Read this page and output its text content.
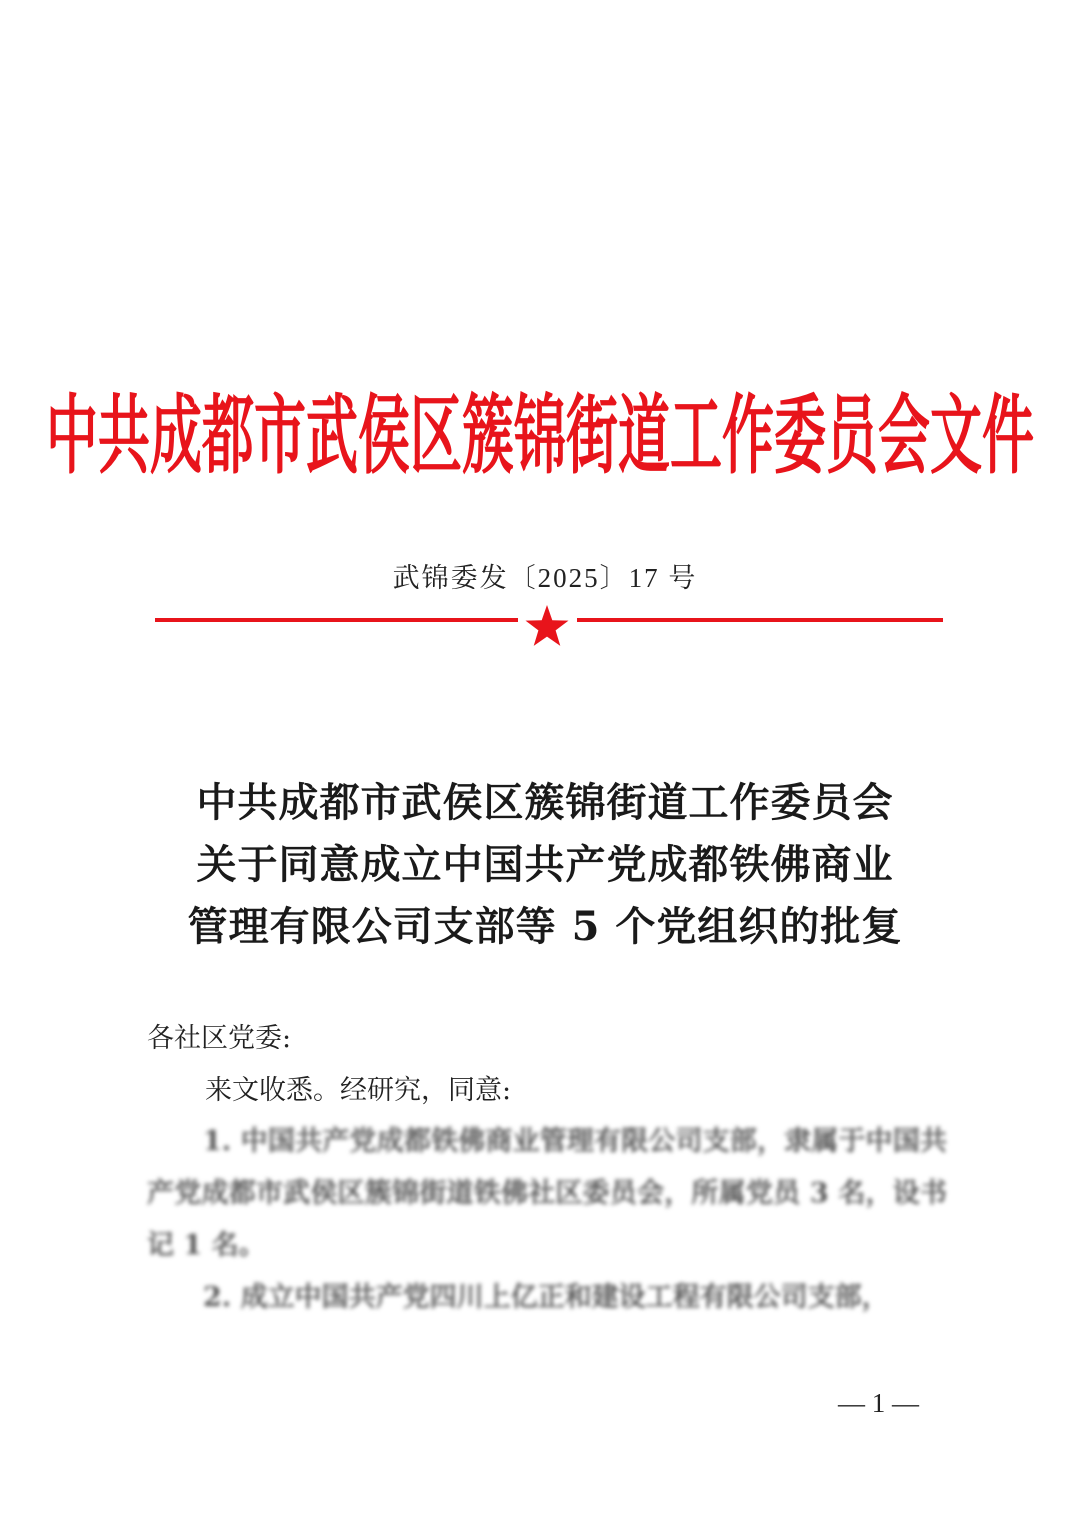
中共成都市武侯区簇锦街道工作委员会文件
武锦委发〔2025〕17 号
中共成都市武侯区簇锦街道工作委员会
关于同意成立中国共产党成都铁佛商业
管理有限公司支部等 5 个党组织的批复
各社区党委:
来文收悉。经研究，同意:

1. 中国共产党成都铁佛商业管理有限公司支部，隶属于中国共产党成都市武侯区簇锦街道铁佛社区委员会，所属党员 3 名，设书记 1 名。

2. 成立中国共产党四川上亿正和建设工程有限公司支部，

— 1 —
